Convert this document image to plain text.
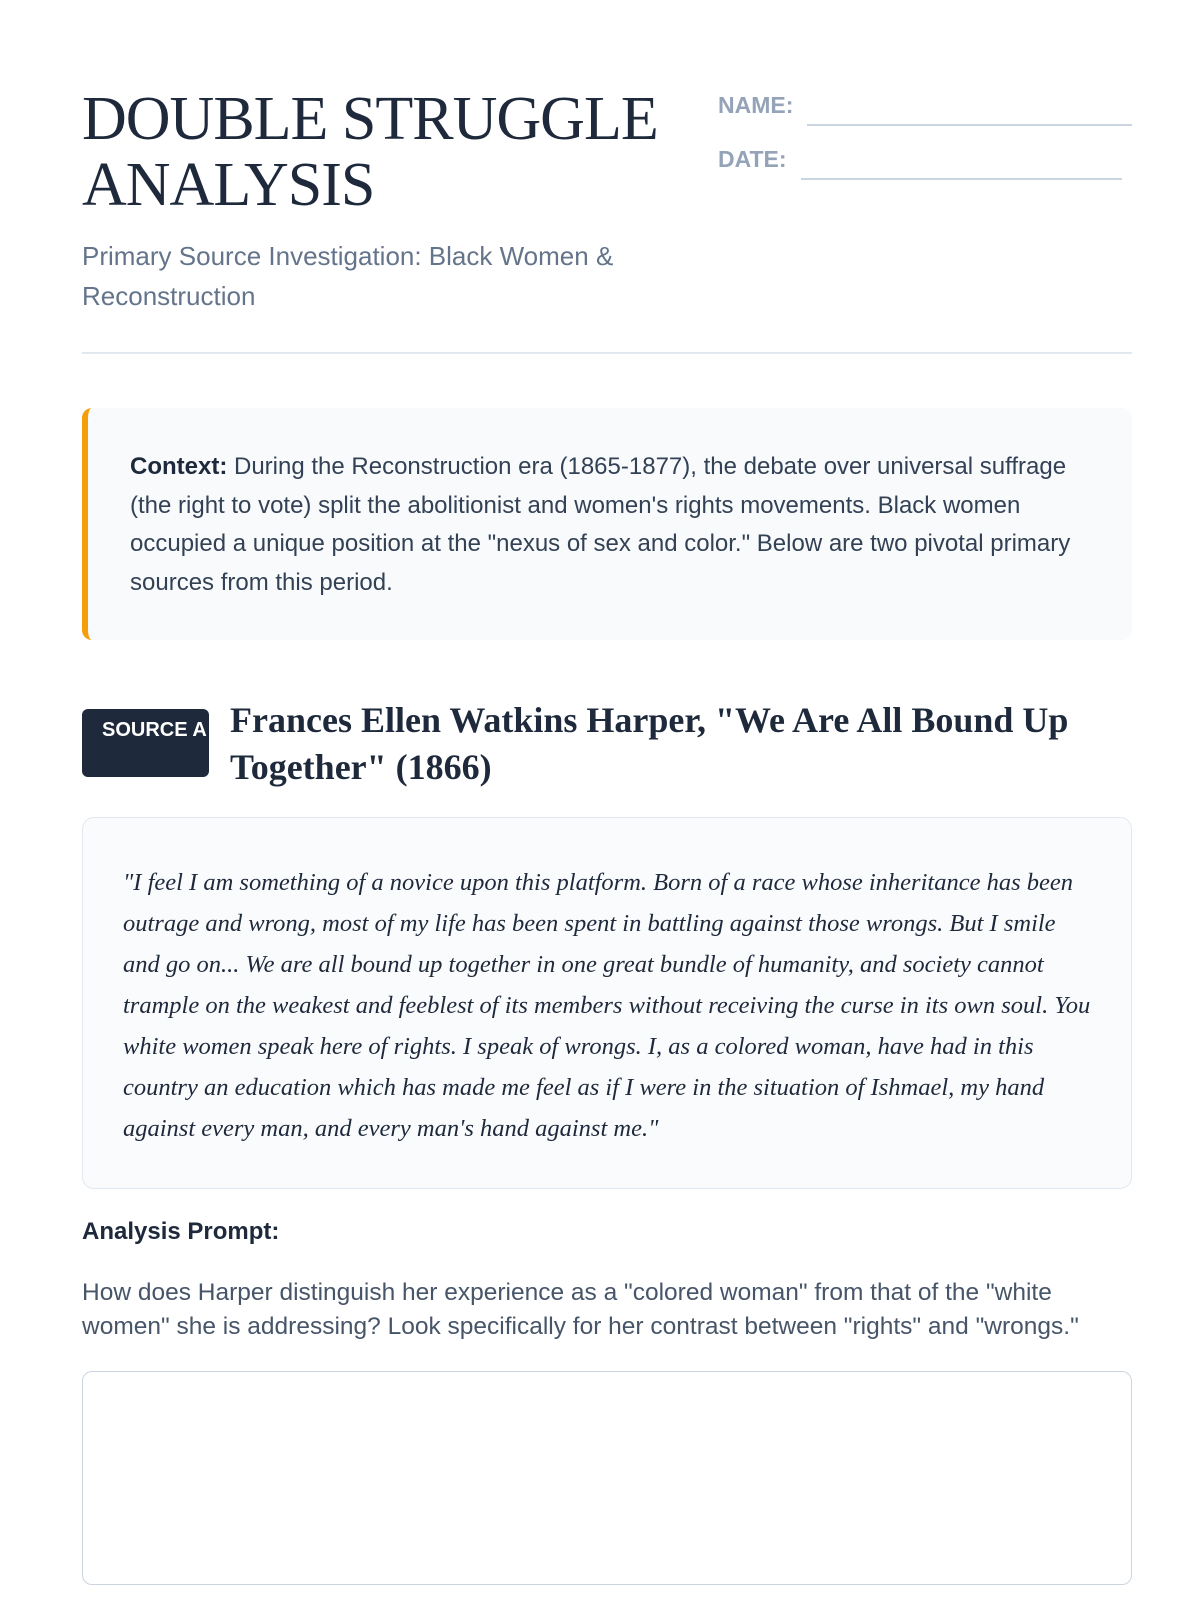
DOUBLE STRUGGLE
ANALYSIS
Primary Source Investigation: Black Women & Reconstruction
NAME:
DATE:

Context: During the Reconstruction era (1865-1877), the debate over universal suffrage (the right to vote) split the abolitionist and women's rights movements. Black women occupied a unique position at the "nexus of sex and color." Below are two pivotal primary sources from this period.

SOURCE A Frances Ellen Watkins Harper, "We Are All Bound Up Together" (1866)

"I feel I am something of a novice upon this platform. Born of a race whose inheritance has been outrage and wrong, most of my life has been spent in battling against those wrongs. But I smile and go on... We are all bound up together in one great bundle of humanity, and society cannot trample on the weakest and feeblest of its members without receiving the curse in its own soul. You white women speak here of rights. I speak of wrongs. I, as a colored woman, have had in this country an education which has made me feel as if I were in the situation of Ishmael, my hand against every man, and every man's hand against me."

Analysis Prompt:
How does Harper distinguish her experience as a "colored woman" from that of the "white women" she is addressing? Look specifically for her contrast between "rights" and "wrongs."
